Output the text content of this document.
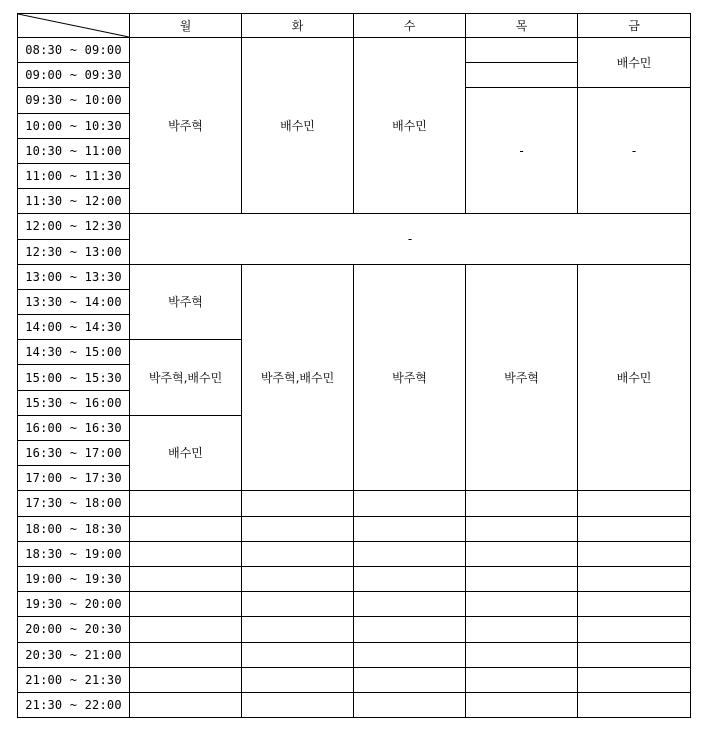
	월	화	수	목	금
08:30 ~ 09:00	박주혁	배수민	배수민		배수민
09:00 ~ 09:30					
09:30 ~ 10:00				-	-
10:00 ~ 10:30					
10:30 ~ 11:00					
11:00 ~ 11:30					
11:30 ~ 12:00					
12:00 ~ 12:30	-				
12:30 ~ 13:00					
13:00 ~ 13:30	박주혁	박주혁,배수민	박주혁	박주혁	배수민
13:30 ~ 14:00					
14:00 ~ 14:30					
14:30 ~ 15:00	박주혁,배수민				
15:00 ~ 15:30					
15:30 ~ 16:00					
16:00 ~ 16:30	배수민				
16:30 ~ 17:00					
17:00 ~ 17:30					
17:30 ~ 18:00					
18:00 ~ 18:30					
18:30 ~ 19:00					
19:00 ~ 19:30					
19:30 ~ 20:00					
20:00 ~ 20:30					
20:30 ~ 21:00					
21:00 ~ 21:30					
21:30 ~ 22:00					
